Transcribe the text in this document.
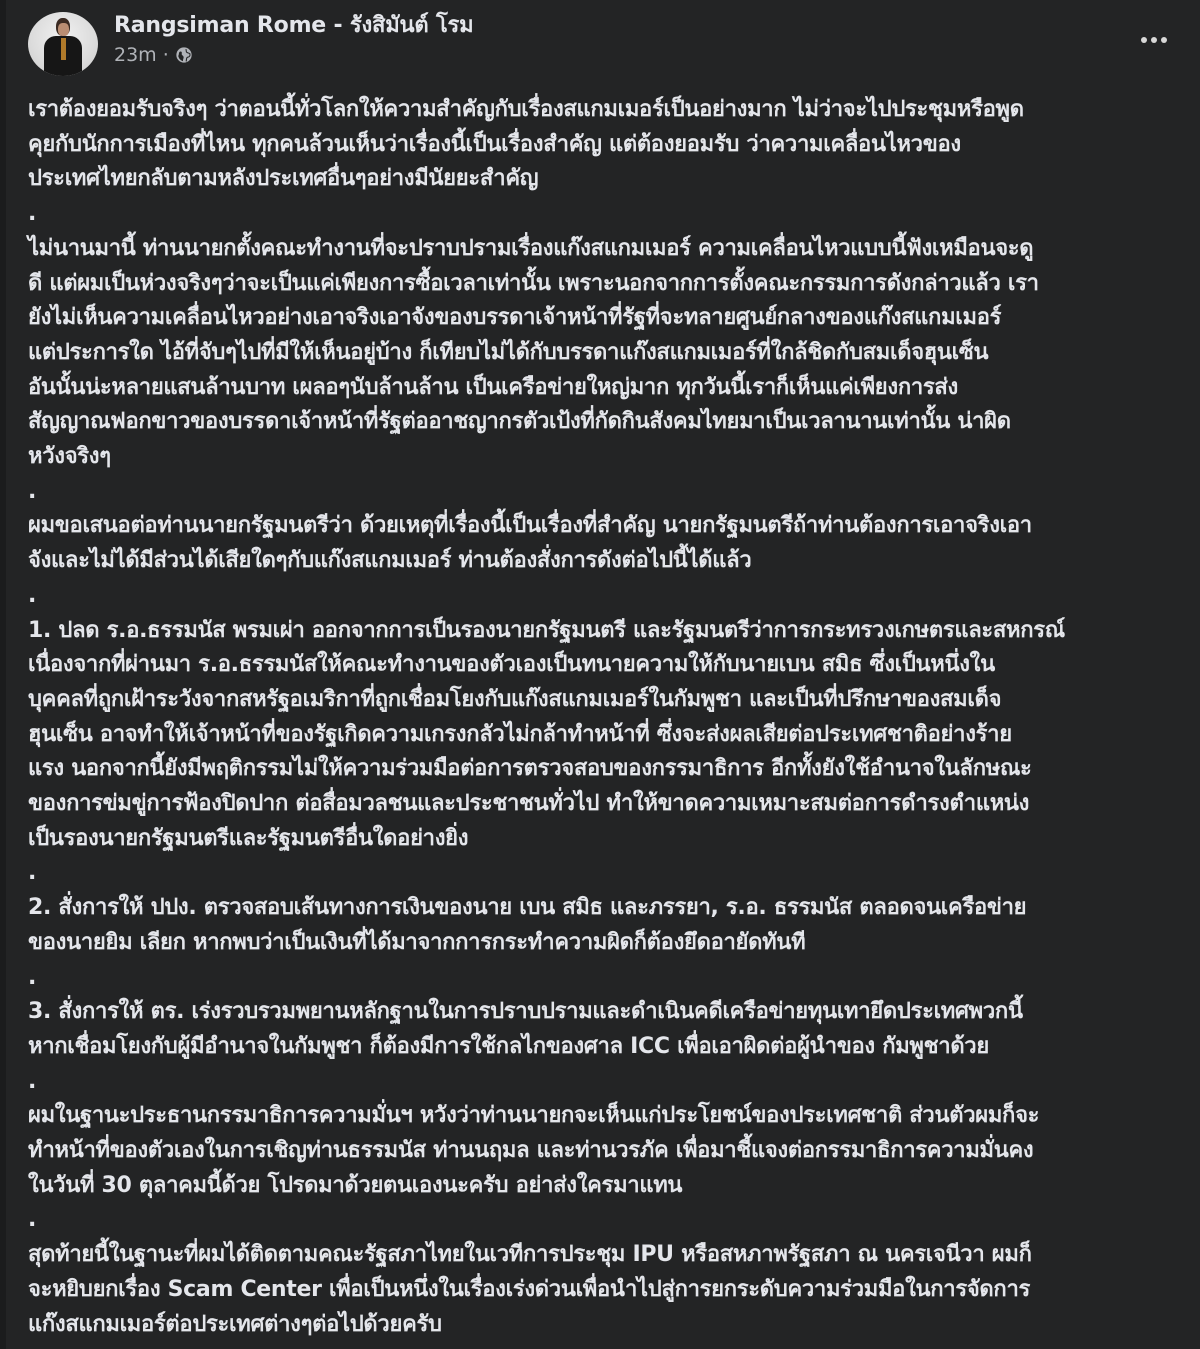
Rangsiman Rome - รังสิมันต์ โรม
23m ·
เราต้องยอมรับจริงๆ ว่าตอนนี้ทั่วโลกให้ความสำคัญกับเรื่องสแกมเมอร์เป็นอย่างมาก ไม่ว่าจะไปประชุมหรือพูด
คุยกับนักการเมืองที่ไหน ทุกคนล้วนเห็นว่าเรื่องนี้เป็นเรื่องสำคัญ แต่ต้องยอมรับ ว่าความเคลื่อนไหวของ
ประเทศไทยกลับตามหลังประเทศอื่นๆอย่างมีนัยยะสำคัญ
.
ไม่นานมานี้ ท่านนายกตั้งคณะทำงานที่จะปราบปรามเรื่องแก๊งสแกมเมอร์ ความเคลื่อนไหวแบบนี้ฟังเหมือนจะดู
ดี แต่ผมเป็นห่วงจริงๆว่าจะเป็นแค่เพียงการซื้อเวลาเท่านั้น เพราะนอกจากการตั้งคณะกรรมการดังกล่าวแล้ว เรา
ยังไม่เห็นความเคลื่อนไหวอย่างเอาจริงเอาจังของบรรดาเจ้าหน้าที่รัฐที่จะทลายศูนย์กลางของแก๊งสแกมเมอร์
แต่ประการใด ไอ้ที่จับๆไปที่มีให้เห็นอยู่บ้าง ก็เทียบไม่ได้กับบรรดาแก๊งสแกมเมอร์ที่ใกล้ชิดกับสมเด็จฮุนเซ็น
อันนั้นน่ะหลายแสนล้านบาท เผลอๆนับล้านล้าน เป็นเครือข่ายใหญ่มาก ทุกวันนี้เราก็เห็นแค่เพียงการส่ง
สัญญาณฟอกขาวของบรรดาเจ้าหน้าที่รัฐต่ออาชญากรตัวเป้งที่กัดกินสังคมไทยมาเป็นเวลานานเท่านั้น น่าผิด
หวังจริงๆ
.
ผมขอเสนอต่อท่านนายกรัฐมนตรีว่า ด้วยเหตุที่เรื่องนี้เป็นเรื่องที่สำคัญ นายกรัฐมนตรีถ้าท่านต้องการเอาจริงเอา
จังและไม่ได้มีส่วนได้เสียใดๆกับแก๊งสแกมเมอร์ ท่านต้องสั่งการดังต่อไปนี้ได้แล้ว
.
1. ปลด ร.อ.ธรรมนัส พรมเผ่า ออกจากการเป็นรองนายกรัฐมนตรี และรัฐมนตรีว่าการกระทรวงเกษตรและสหกรณ์
เนื่องจากที่ผ่านมา ร.อ.ธรรมนัสให้คณะทำงานของตัวเองเป็นทนายความให้กับนายเบน สมิธ ซึ่งเป็นหนึ่งใน
บุคคลที่ถูกเฝ้าระวังจากสหรัฐอเมริกาที่ถูกเชื่อมโยงกับแก๊งสแกมเมอร์ในกัมพูชา และเป็นที่ปรึกษาของสมเด็จ
ฮุนเซ็น อาจทำให้เจ้าหน้าที่ของรัฐเกิดความเกรงกลัวไม่กล้าทำหน้าที่ ซึ่งจะส่งผลเสียต่อประเทศชาติอย่างร้าย
แรง นอกจากนี้ยังมีพฤติกรรมไม่ให้ความร่วมมือต่อการตรวจสอบของกรรมาธิการ อีกทั้งยังใช้อำนาจในลักษณะ
ของการข่มขู่การฟ้องปิดปาก ต่อสื่อมวลชนและประชาชนทั่วไป ทำให้ขาดความเหมาะสมต่อการดำรงตำแหน่ง
เป็นรองนายกรัฐมนตรีและรัฐมนตรีอื่นใดอย่างยิ่ง
.
2. สั่งการให้ ปปง. ตรวจสอบเส้นทางการเงินของนาย เบน สมิธ และภรรยา, ร.อ. ธรรมนัส ตลอดจนเครือข่าย
ของนายยิม เลียก หากพบว่าเป็นเงินที่ได้มาจากการกระทำความผิดก็ต้องยึดอายัดทันที
.
3. สั่งการให้ ตร. เร่งรวบรวมพยานหลักฐานในการปราบปรามและดำเนินคดีเครือข่ายทุนเทายึดประเทศพวกนี้
หากเชื่อมโยงกับผู้มีอำนาจในกัมพูชา ก็ต้องมีการใช้กลไกของศาล ICC เพื่อเอาผิดต่อผู้นำของ กัมพูชาด้วย
.
ผมในฐานะประธานกรรมาธิการความมั่นฯ หวังว่าท่านนายกจะเห็นแก่ประโยชน์ของประเทศชาติ ส่วนตัวผมก็จะ
ทำหน้าที่ของตัวเองในการเชิญท่านธรรมนัส ท่านนฤมล และท่านวรภัค เพื่อมาชี้แจงต่อกรรมาธิการความมั่นคง
ในวันที่ 30 ตุลาคมนี้ด้วย โปรดมาด้วยตนเองนะครับ อย่าส่งใครมาแทน
.
สุดท้ายนี้ในฐานะที่ผมได้ติดตามคณะรัฐสภาไทยในเวทีการประชุม IPU หรือสหภาพรัฐสภา ณ นครเจนีวา ผมก็
จะหยิบยกเรื่อง Scam Center เพื่อเป็นหนึ่งในเรื่องเร่งด่วนเพื่อนำไปสู่การยกระดับความร่วมมือในการจัดการ
แก๊งสแกมเมอร์ต่อประเทศต่างๆต่อไปด้วยครับ
